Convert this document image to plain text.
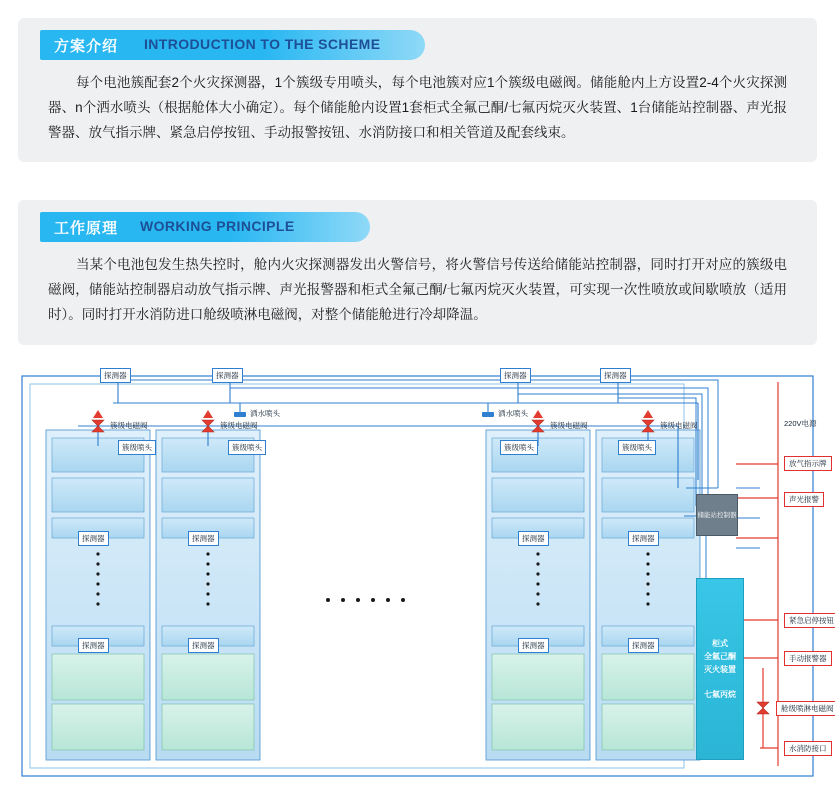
方案介绍 INTRODUCTION TO THE SCHEME
每个电池簇配套2个火灾探测器，1个簇级专用喷头，每个电池簇对应1个簇级电磁阀。储能舱内上方设置2-4个火灾探测器、n个洒水喷头（根据舱体大小确定）。每个储能舱内设置1套柜式全氟己酮/七氟丙烷灭火装置、1台储能站控制器、声光报警器、放气指示牌、紧急启停按钮、手动报警按钮、水消防接口和相关管道及配套线束。
工作原理 WORKING PRINCIPLE
当某个电池包发生热失控时，舱内火灾探测器发出火警信号，将火警信号传送给储能站控制器，同时打开对应的簇级电磁阀，储能站控制器启动放气指示牌、声光报警器和柜式全氟己酮/七氟丙烷灭火装置，可实现一次性喷放或间歇喷放（适用时）。同时打开水消防进口舱级喷淋电磁阀，对整个储能舱进行冷却降温。
探测器	探测器	探测器	探测器
洒水喷头	洒水喷头
簇级电磁阀	簇级电磁阀	簇级电磁阀	簇级电磁阀
簇级喷头	簇级喷头	簇级喷头	簇级喷头
探测器	探测器	探测器	探测器
探测器	探测器	探测器	探测器
储能站控制器
柜式
全氟己酮
灭火装置
七氟丙烷
220V电源
放气指示牌
声光报警
紧急启停按钮
手动报警器
舱级喷淋电磁阀
水消防接口
